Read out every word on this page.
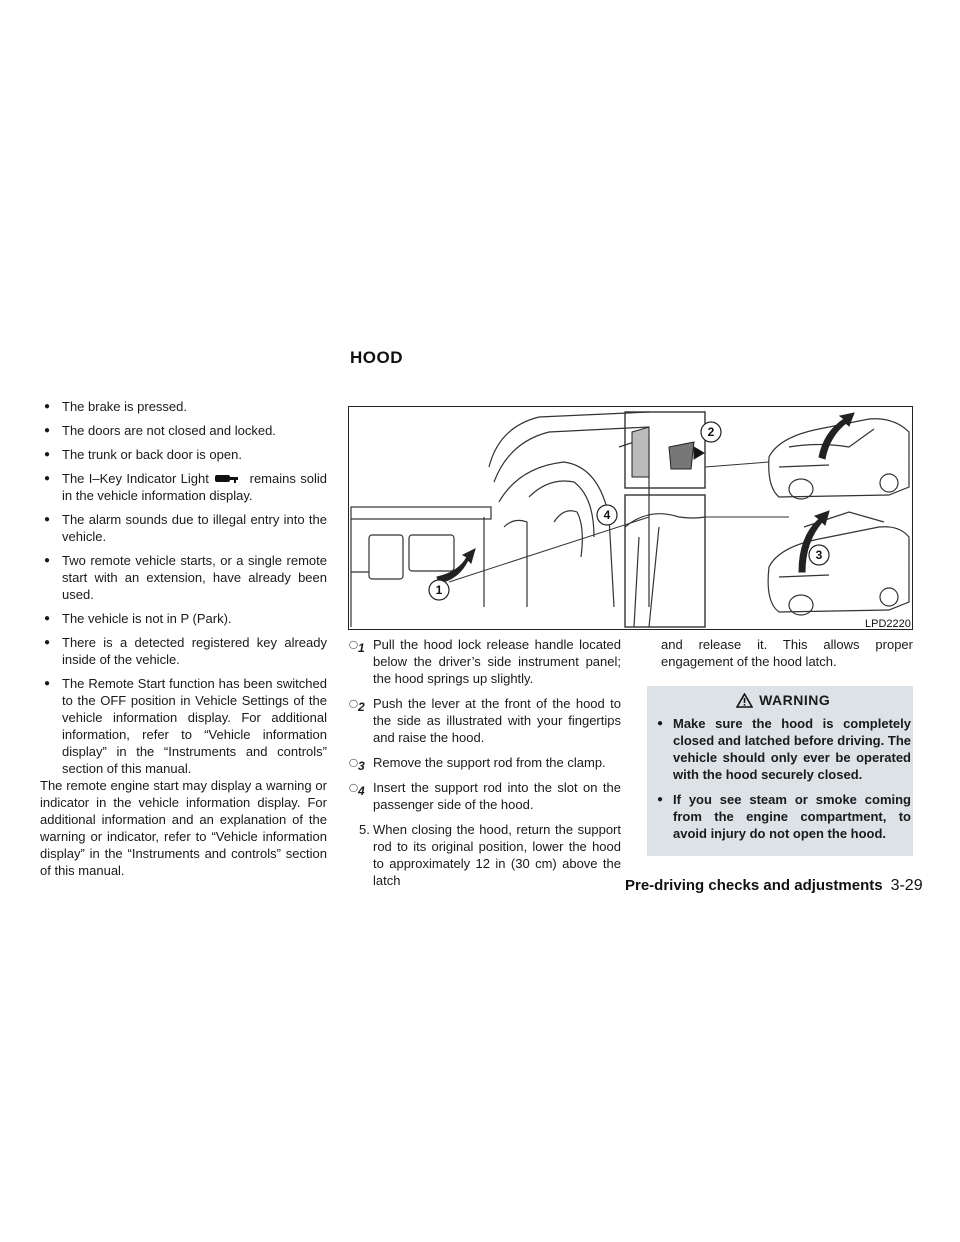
HOOD
● The brake is pressed.
● The doors are not closed and locked.
● The trunk or back door is open.
● The I–Key Indicator Light	remains solid in the vehicle information display.
● The alarm sounds due to illegal entry into the vehicle.
● Two remote vehicle starts, or a single remote start with an extension, have already been used.
● The vehicle is not in P (Park).
● There is a detected registered key already inside of the vehicle.
● The Remote Start function has been switched to the OFF position in Vehicle Settings of the vehicle information display. For additional information, refer to “Vehicle information display” in the “Instruments and controls” section of this manual.

The remote engine start may display a warning or indicator in the vehicle information display. For additional information and an explanation of the warning or indicator, refer to “Vehicle information display” in the “Instruments and controls” section of this manual.

1
2
3
4
LPD2220
◯1 Pull the hood lock release handle located below the driver’s side instrument panel; the hood springs up slightly.
◯2 Push the lever at the front of the hood to the side as illustrated with your fingertips and raise the hood.
◯3 Remove the support rod from the clamp.
◯4 Insert the support rod into the slot on the passenger side of the hood.
5. When closing the hood, return the support rod to its original position, lower the hood to approximately 12 in (30 cm) above the latch
and release it. This allows proper engagement of the hood latch.
WARNING
● Make sure the hood is completely closed and latched before driving. The vehicle should only ever be operated with the hood securely closed.
● If you see steam or smoke coming from the engine compartment, to avoid injury do not open the hood.
Pre-driving checks and adjustments 3-29
